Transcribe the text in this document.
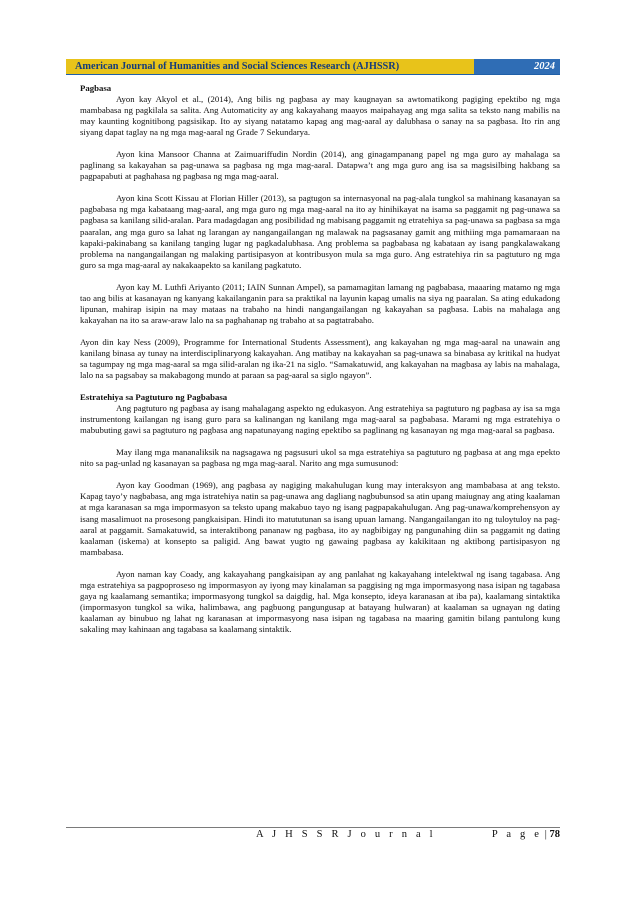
American Journal of Humanities and Social Sciences Research (AJHSSR)	2024
Pagbasa

Ayon kay Akyol et al., (2014), Ang bilis ng pagbasa ay may kaugnayan sa awtomatikong pagiging epektibo ng mga mambabasa ng pagkilala sa salita. Ang Automaticity ay ang kakayahang maayos maipahayag ang mga salita sa teksto nang mabilis na may kaunting kognitibong pagsisikap. Ito ay siyang natatamo kapag ang mag-aaral ay dalubhasa o sanay na sa pagbasa. Ito rin ang siyang dapat taglay na ng mga mag-aaral ng Grade 7 Sekundarya.

Ayon kina Mansoor Channa at Zaimuariffudin Nordin (2014), ang ginagampanang papel ng mga guro ay mahalaga sa paglinang sa kakayahan sa pag-unawa sa pagbasa ng mga mag-aaral. Datapwa’t ang mga guro ang isa sa magsisilbing hakbang sa pagpapabuti at paghahasa ng pagbasa ng mga mag-aaral.

Ayon kina Scott Kissau at Florian Hiller (2013), sa pagtugon sa internasyonal na pag-alala tungkol sa mahinang kasanayan sa pagbabasa ng mga kabataang mag-aaral, ang mga guro ng mga mag-aaral na ito ay hinihikayat na isama sa paggamit ng pag-unawa sa pagbasa sa kanilang silid-aralan. Para madagdagan ang posibilidad ng mabisang paggamit ng etratehiya sa pag-unawa sa pagbasa sa mga paaralan, ang mga guro sa lahat ng larangan ay nangangailangan ng malawak na pagsasanay gamit ang mithiing mga pamamaraan na kapaki-pakinabang sa kanilang tanging lugar ng pagkadalubhasa. Ang problema sa pagbabasa ng kabataan ay isang pangkalawakang problema na nangangailangan ng malaking partisipasyon at kontribusyon mula sa mga guro. Ang estratehiya rin sa pagtuturo ng mga guro sa mga mag-aaral ay nakakaapekto sa kanilang pagkatuto.

Ayon kay M. Luthfi Ariyanto (2011; IAIN Sunnan Ampel), sa pamamagitan lamang ng pagbabasa, maaaring matamo ng mga tao ang bilis at kasanayan ng kanyang kakailanganin para sa praktikal na layunin kapag umalis na siya ng paaralan. Sa ating edukadong lipunan, mahirap isipin na may mataas na trabaho na hindi nangangailangan ng kakayahan sa pagbasa. Labis na mahalaga ang kakayahan na ito sa araw-araw lalo na sa paghahanap ng trabaho at sa pagtatrabaho.

Ayon din kay Ness (2009), Programme for International Students Assessment), ang kakayahan ng mga mag-aaral na unawain ang kanilang binasa ay tunay na interdisciplinaryong kakayahan. Ang matibay na kakayahan sa pag-unawa sa binabasa ay kritikal na hudyat sa tagumpay ng mga mag-aaral sa mga silid-aralan ng ika-21 na siglo. “Samakatuwid, ang kakayahan na magbasa ay labis na mahalaga, lalo na sa pagsabay sa makabagong mundo at paraan sa pag-aaral sa siglo ngayon”.

Estratehiya sa Pagtuturo ng Pagbabasa

Ang pagtuturo ng pagbasa ay isang mahalagang aspekto ng edukasyon. Ang estratehiya sa pagtuturo ng pagbasa ay isa sa mga instrumentong kailangan ng isang guro para sa kalinangan ng kanilang mga mag-aaral sa pagbabasa. Marami ng mga estratehiya o mabubuting gawi sa pagtuturo ng pagbasa ang napatunayang naging epektibo sa paglinang ng kasanayan ng mga mag-aaral sa pagbasa.

May ilang mga mananaliksik na nagsagawa ng pagsusuri ukol sa mga estratehiya sa pagtuturo ng pagbasa at ang mga epekto nito sa pag-unlad ng kasanayan sa pagbasa ng mga mag-aaral. Narito ang mga sumusunod:

Ayon kay Goodman (1969), ang pagbasa ay nagiging makahulugan kung may interaksyon ang mambabasa at ang teksto. Kapag tayo’y nagbabasa, ang mga istratehiya natin sa pag-unawa ang dagliang nagbubunsod sa atin upang maiugnay ang ating kaalaman at mga karanasan sa mga impormasyon sa teksto upang makabuo tayo ng isang pagpapakahulugan. Ang pag-unawa/komprehensyon ay isang masalimuot na prosesong pangkaisipan. Hindi ito matututunan sa isang upuan lamang. Nangangailangan ito ng tuloytuloy na pag-aaral at paggamit. Samakatuwid, sa interaktibong pananaw ng pagbasa, ito ay nagbibigay ng pangunahing diin sa paggamit ng dating kaalaman (iskema) at konsepto sa paligid. Ang bawat yugto ng gawaing pagbasa ay kakikitaan ng aktibong partisipasyon ng mambabasa.

Ayon naman kay Coady, ang kakayahang pangkaisipan ay ang panlahat ng kakayahang intelektwal ng isang tagabasa. Ang mga estratehiya sa pagpoproseso ng impormasyon ay iyong may kinalaman sa paggising ng mga impormasyong nasa isipan ng tagabasa gaya ng kaalamang semantika; impormasyong tungkol sa daigdig, hal. Mga konsepto, ideya karanasan at iba pa), kaalamang sintaktika (impormasyon tungkol sa wika, halimbawa, ang pagbuong pangungusap at batayang hulwaran) at kaalaman sa ugnayan ng dating kaalaman ay binubuo ng lahat ng karanasan at impormasyong nasa isipan ng tagabasa na maaring gamitin bilang pantulong kung sakaling may kahinaan ang tagabasa sa kaalamang sintaktik.

A J H S S R J o u r n a l	P a g e | 78
